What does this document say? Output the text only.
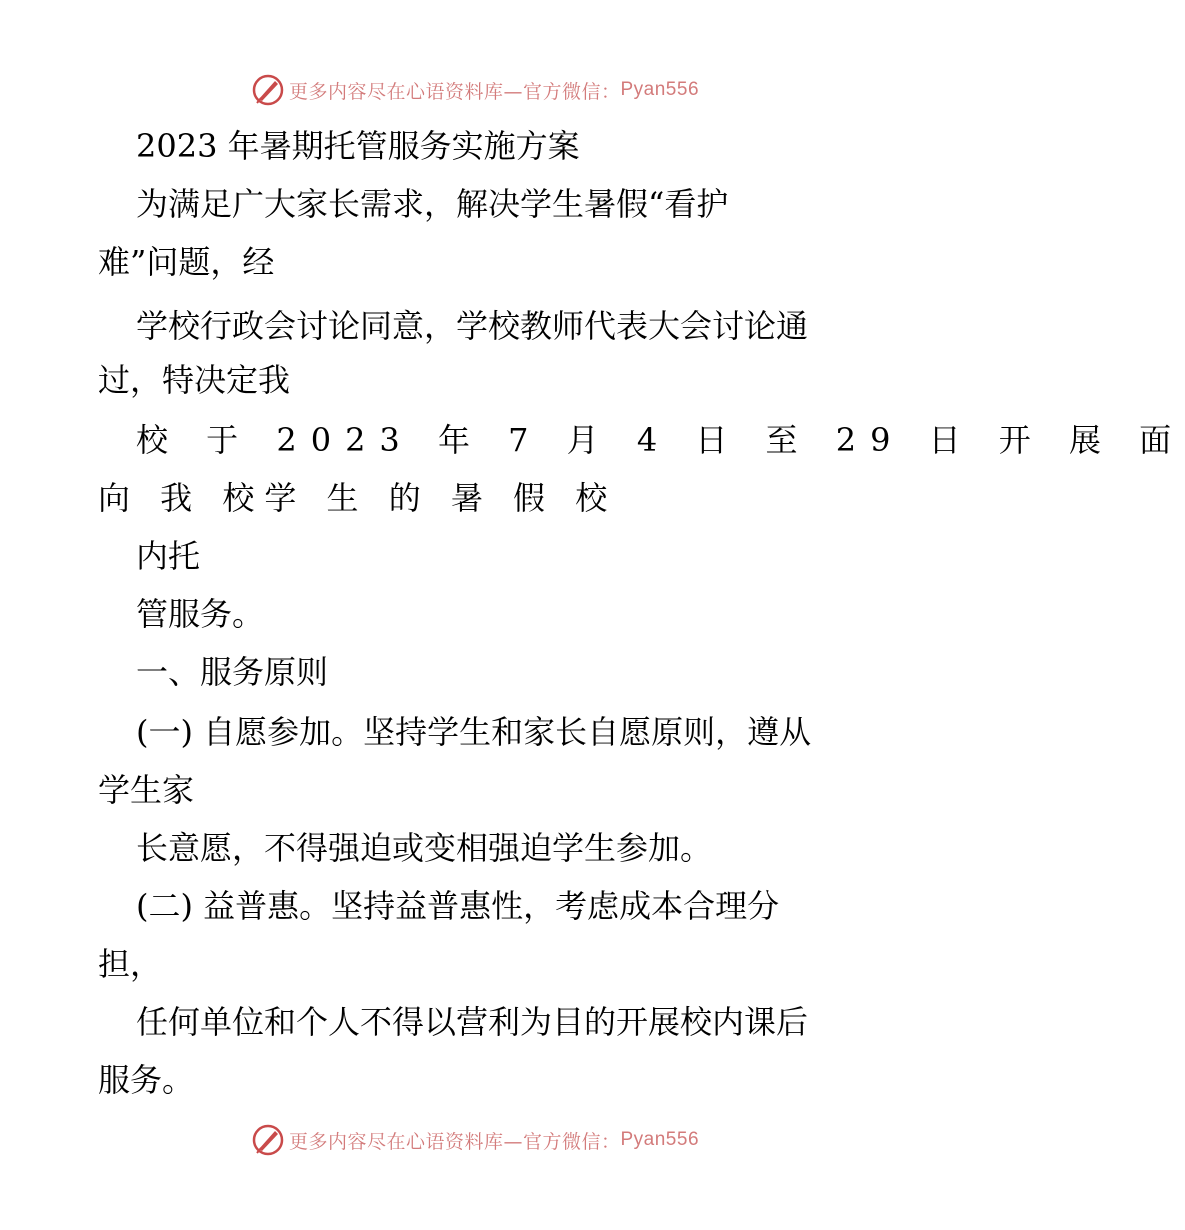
更多内容尽在心语资料库—官方微信： Pyan556

2023 年暑期托管服务实施方案

为满足广大家长需求，解决学生暑假“看护

难”问题，经

学校行政会讨论同意，学校教师代表大会讨论通

过，特决定我

校 于 2023 年 7 月 4 日 至 29 日 开 展 面

向 我 校学 生 的 暑 假 校

内托

管服务。

一、服务原则

(一) 自愿参加。坚持学生和家长自愿原则，遵从

学生家

长意愿，不得强迫或变相强迫学生参加。

(二) 益普惠。坚持益普惠性，考虑成本合理分

担，

任何单位和个人不得以营利为目的开展校内课后

服务。

更多内容尽在心语资料库—官方微信： Pyan556
